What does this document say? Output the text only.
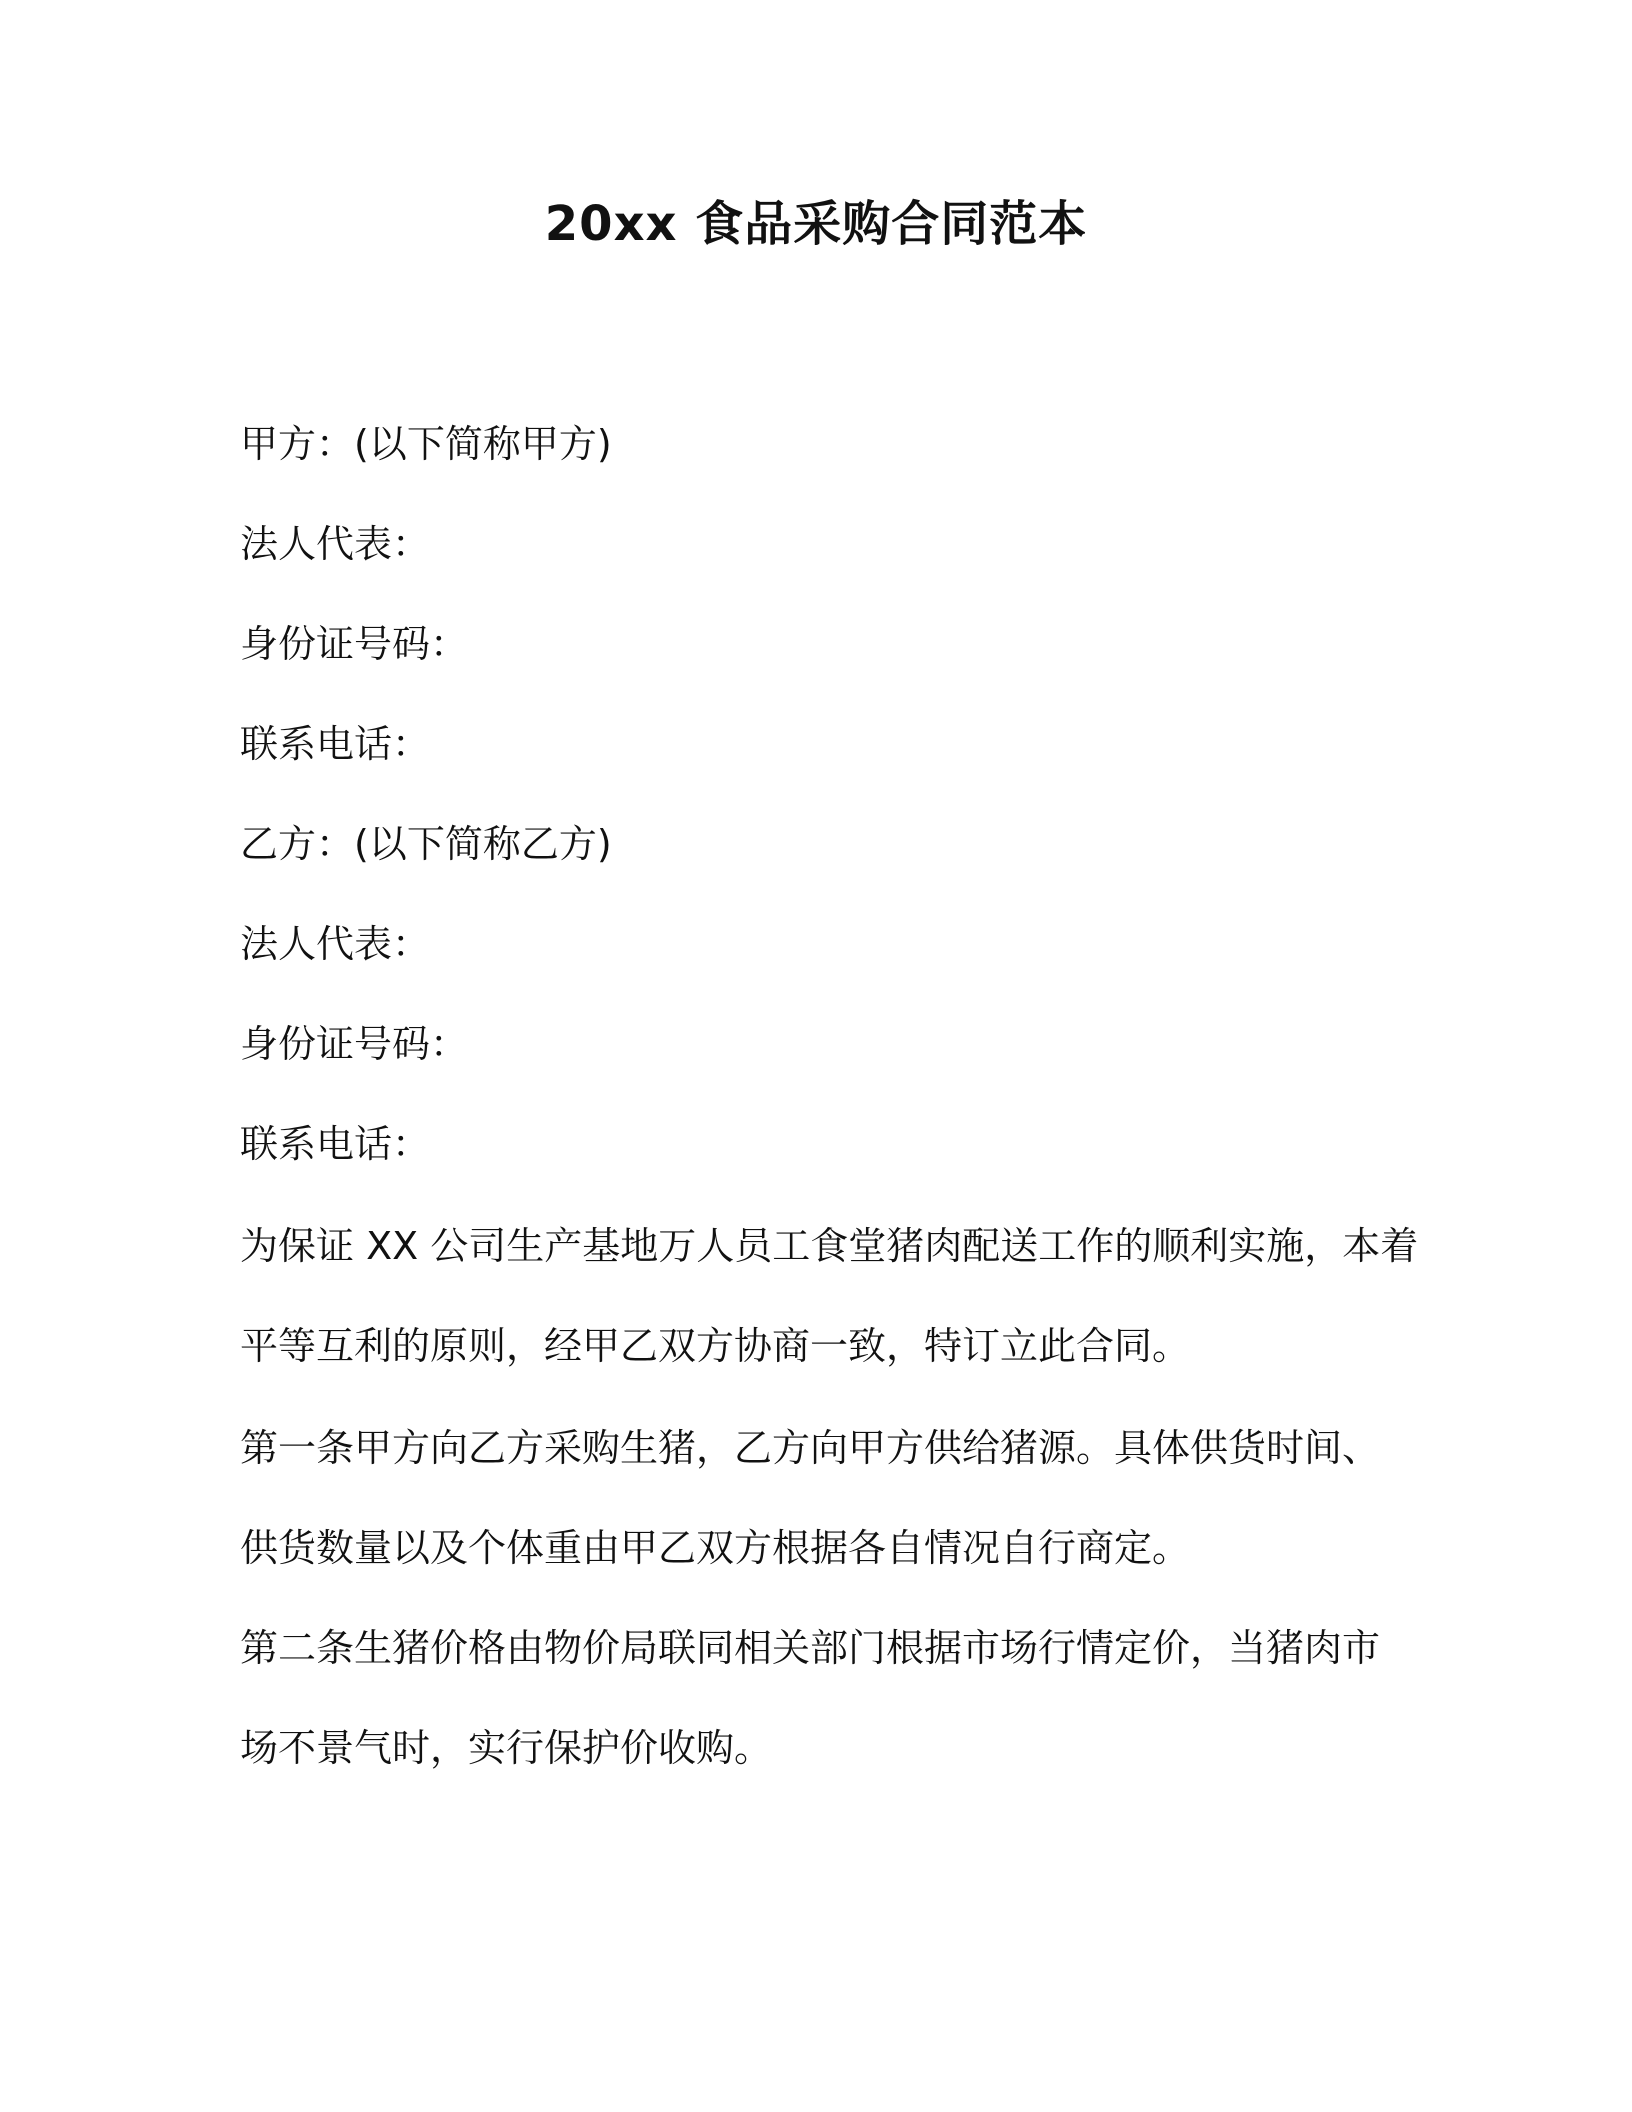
20xx 食品采购合同范本

甲方：(以下简称甲方)

法人代表：

身份证号码：

联系电话：

乙方：(以下简称乙方)

法人代表：

身份证号码：

联系电话：

为保证 XX 公司生产基地万人员工食堂猪肉配送工作的顺利实施，本着

平等互利的原则，经甲乙双方协商一致，特订立此合同。

第一条甲方向乙方采购生猪，乙方向甲方供给猪源。具体供货时间、

供货数量以及个体重由甲乙双方根据各自情况自行商定。

第二条生猪价格由物价局联同相关部门根据市场行情定价，当猪肉市

场不景气时，实行保护价收购。
